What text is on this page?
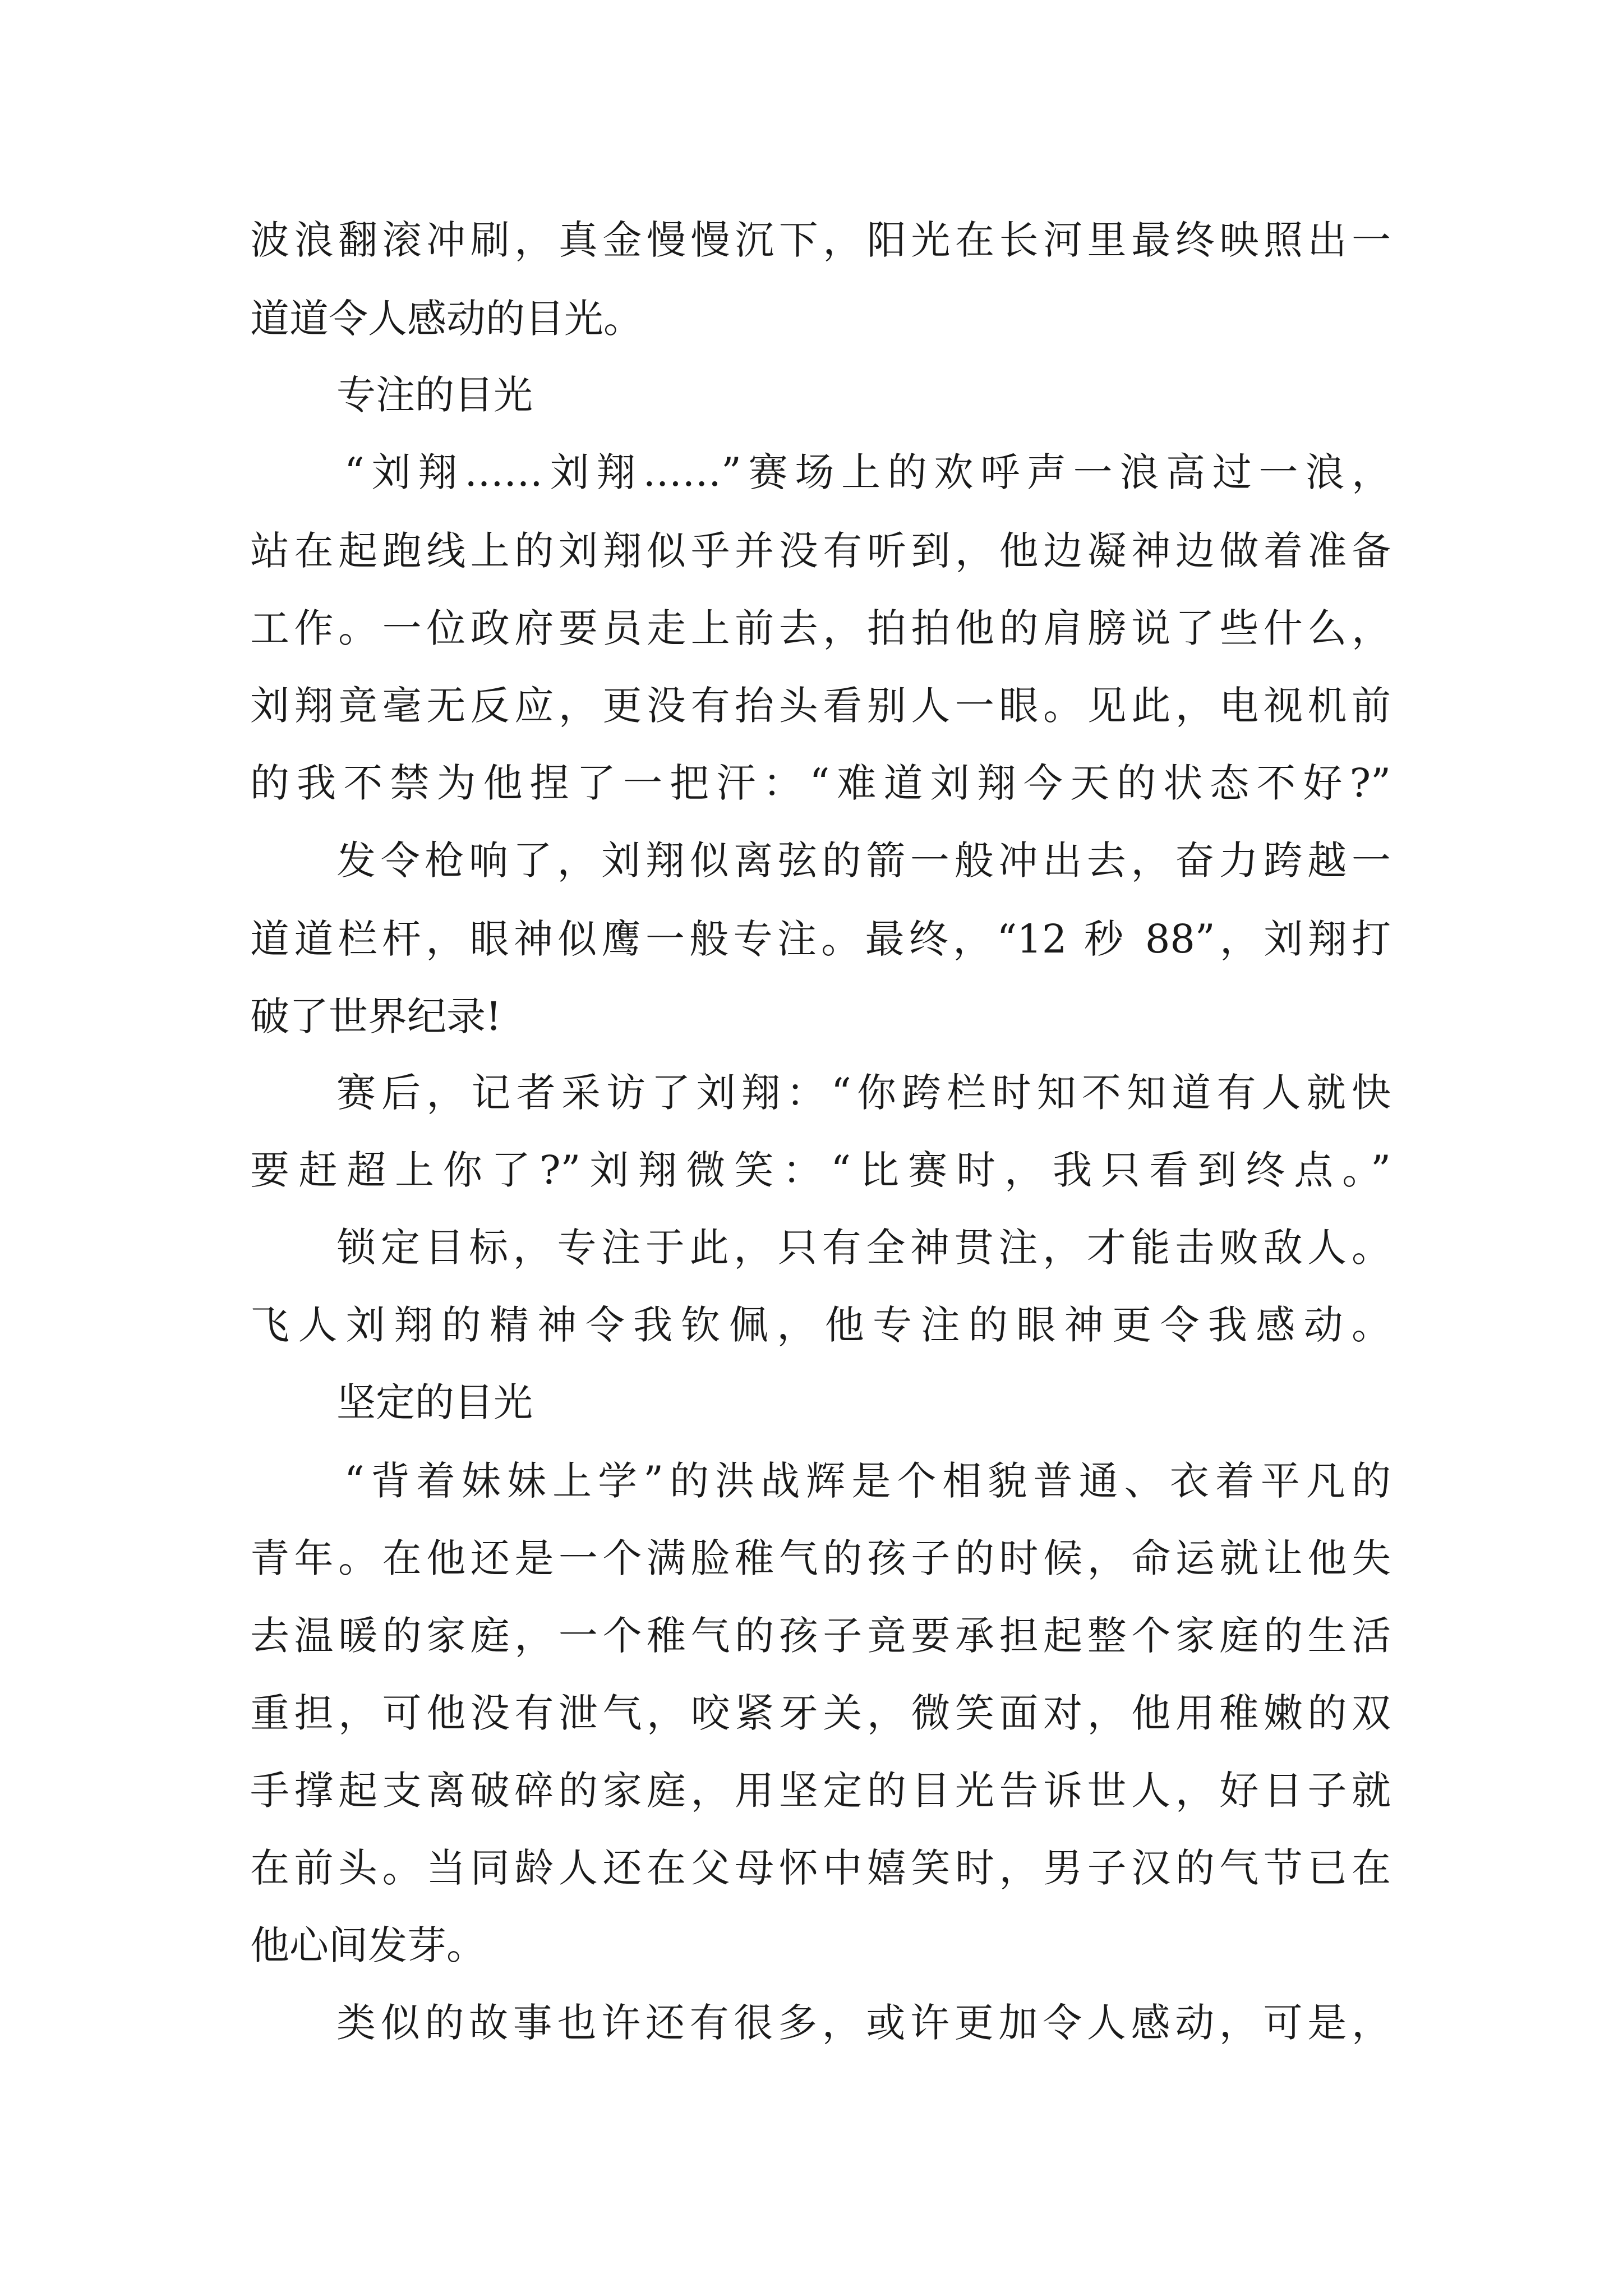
波浪翻滚冲刷，真金慢慢沉下，阳光在长河里最终映照出一

道道令人感动的目光。

专注的目光

“刘翔……刘翔……”赛场上的欢呼声一浪高过一浪，

站在起跑线上的刘翔似乎并没有听到，他边凝神边做着准备

工作。一位政府要员走上前去，拍拍他的肩膀说了些什么，

刘翔竟毫无反应，更没有抬头看别人一眼。见此，电视机前

的我不禁为他捏了一把汗：“难道刘翔今天的状态不好?”

发令枪响了，刘翔似离弦的箭一般冲出去，奋力跨越一

道道栏杆，眼神似鹰一般专注。最终，“12 秒 88”，刘翔打

破了世界纪录!

赛后，记者采访了刘翔：“你跨栏时知不知道有人就快

要赶超上你了?”刘翔微笑：“比赛时，我只看到终点。”

锁定目标，专注于此，只有全神贯注，才能击败敌人。

飞人刘翔的精神令我钦佩，他专注的眼神更令我感动。

坚定的目光

“背着妹妹上学”的洪战辉是个相貌普通、衣着平凡的

青年。在他还是一个满脸稚气的孩子的时候，命运就让他失

去温暖的家庭，一个稚气的孩子竟要承担起整个家庭的生活

重担，可他没有泄气，咬紧牙关，微笑面对，他用稚嫩的双

手撑起支离破碎的家庭，用坚定的目光告诉世人，好日子就

在前头。当同龄人还在父母怀中嬉笑时，男子汉的气节已在

他心间发芽。

类似的故事也许还有很多，或许更加令人感动，可是，
